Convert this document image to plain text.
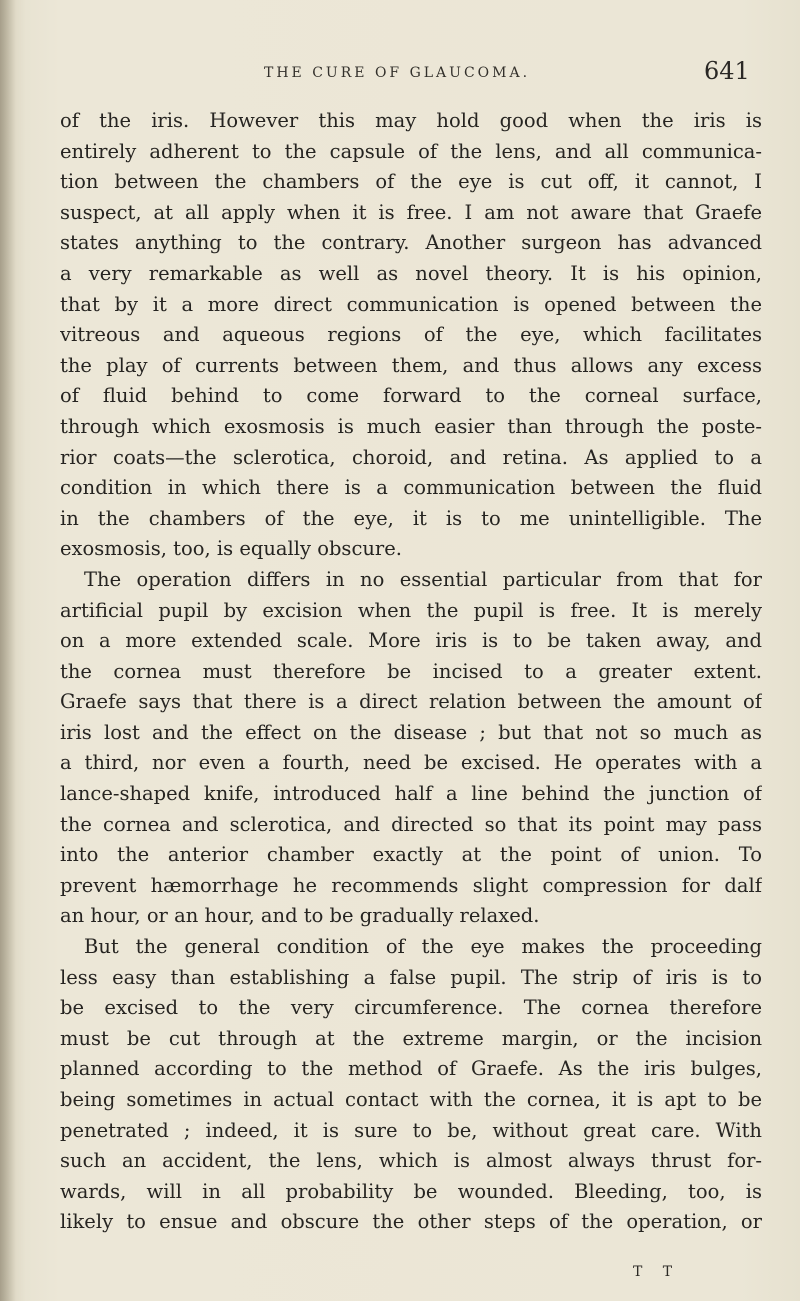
THE CURE OF GLAUCOMA.	641
of the iris. However this may hold good when the iris is
entirely adherent to the capsule of the lens, and all communica-
tion between the chambers of the eye is cut off, it cannot, I
suspect, at all apply when it is free. I am not aware that Graefe
states anything to the contrary. Another surgeon has advanced
a very remarkable as well as novel theory. It is his opinion,
that by it a more direct communication is opened between the
vitreous and aqueous regions of the eye, which facilitates
the play of currents between them, and thus allows any excess
of fluid behind to come forward to the corneal surface,
through which exosmosis is much easier than through the poste-
rior coats—the sclerotica, choroid, and retina. As applied to a
condition in which there is a communication between the fluid
in the chambers of the eye, it is to me unintelligible. The
exosmosis, too, is equally obscure.
The operation differs in no essential particular from that for
artificial pupil by excision when the pupil is free. It is merely
on a more extended scale. More iris is to be taken away, and
the cornea must therefore be incised to a greater extent.
Graefe says that there is a direct relation between the amount of
iris lost and the effect on the disease ; but that not so much as
a third, nor even a fourth, need be excised. He operates with a
lance-shaped knife, introduced half a line behind the junction of
the cornea and sclerotica, and directed so that its point may pass
into the anterior chamber exactly at the point of union. To
prevent hæmorrhage he recommends slight compression for dalf
an hour, or an hour, and to be gradually relaxed.
But the general condition of the eye makes the proceeding
less easy than establishing a false pupil. The strip of iris is to
be excised to the very circumference. The cornea therefore
must be cut through at the extreme margin, or the incision
planned according to the method of Graefe. As the iris bulges,
being sometimes in actual contact with the cornea, it is apt to be
penetrated ; indeed, it is sure to be, without great care. With
such an accident, the lens, which is almost always thrust for-
wards, will in all probability be wounded. Bleeding, too, is
likely to ensue and obscure the other steps of the operation, or
T T
